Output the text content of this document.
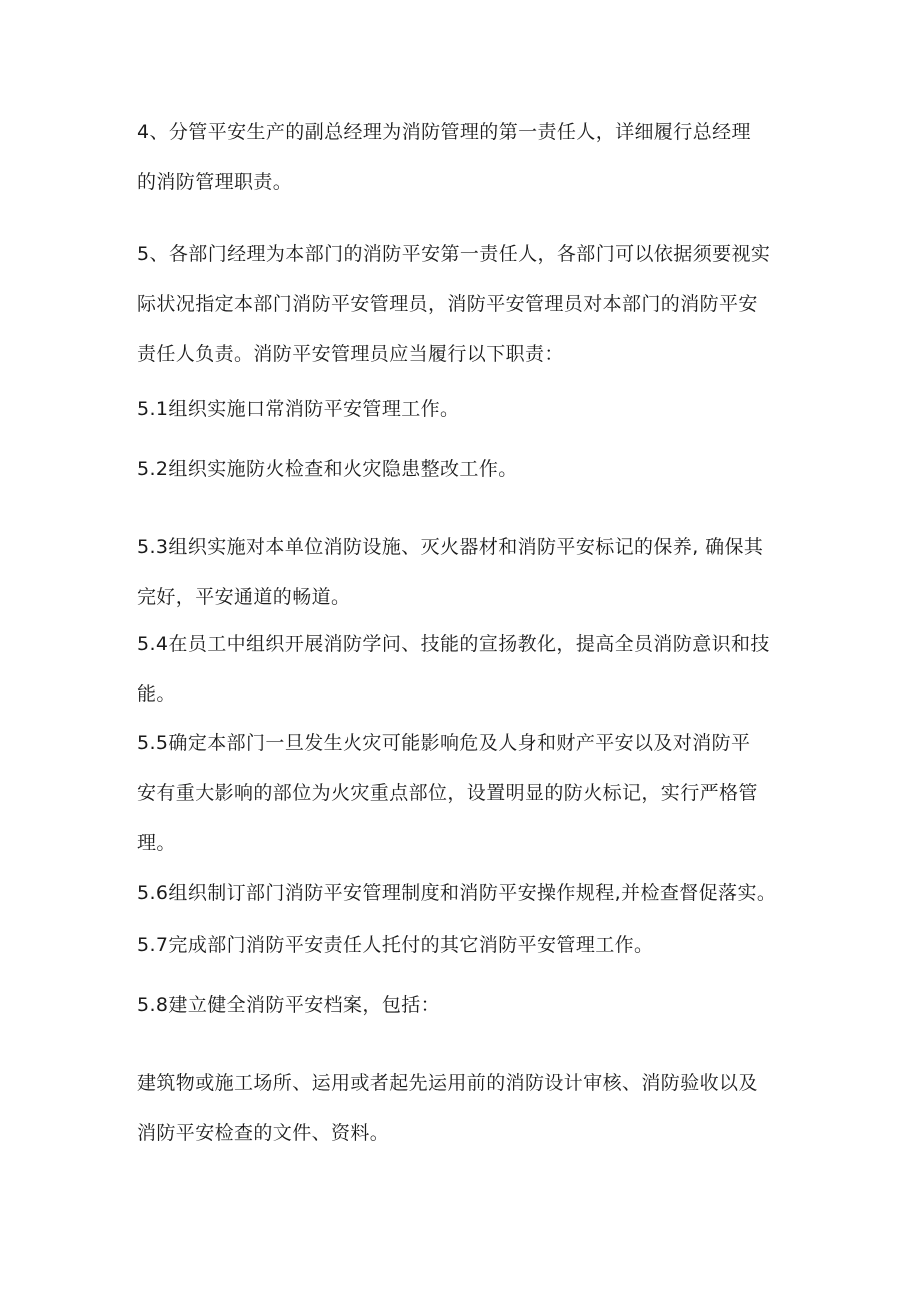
4、分管平安生产的副总经理为消防管理的第一责任人，详细履行总经理
的消防管理职责。

5、各部门经理为本部门的消防平安第一责任人，各部门可以依据须要视实
际状况指定本部门消防平安管理员，消防平安管理员对本部门的消防平安
责任人负责。消防平安管理员应当履行以下职责：

5.1组织实施口常消防平安管理工作。

5.2组织实施防火检查和火灾隐患整改工作。

5.3组织实施对本单位消防设施、灭火器材和消防平安标记的保养, 确保其
完好，平安通道的畅道。

5.4在员工中组织开展消防学问、技能的宣扬教化，提高全员消防意识和技
能。

5.5确定本部门一旦发生火灾可能影响危及人身和财产平安以及对消防平
安有重大影响的部位为火灾重点部位，设置明显的防火标记，实行严格管
理。

5.6组织制订部门消防平安管理制度和消防平安操作规程,并检查督促落实。

5.7完成部门消防平安责任人托付的其它消防平安管理工作。

5.8建立健全消防平安档案，包括：

建筑物或施工场所、运用或者起先运用前的消防设计审核、消防验收以及
消防平安检查的文件、资料。
